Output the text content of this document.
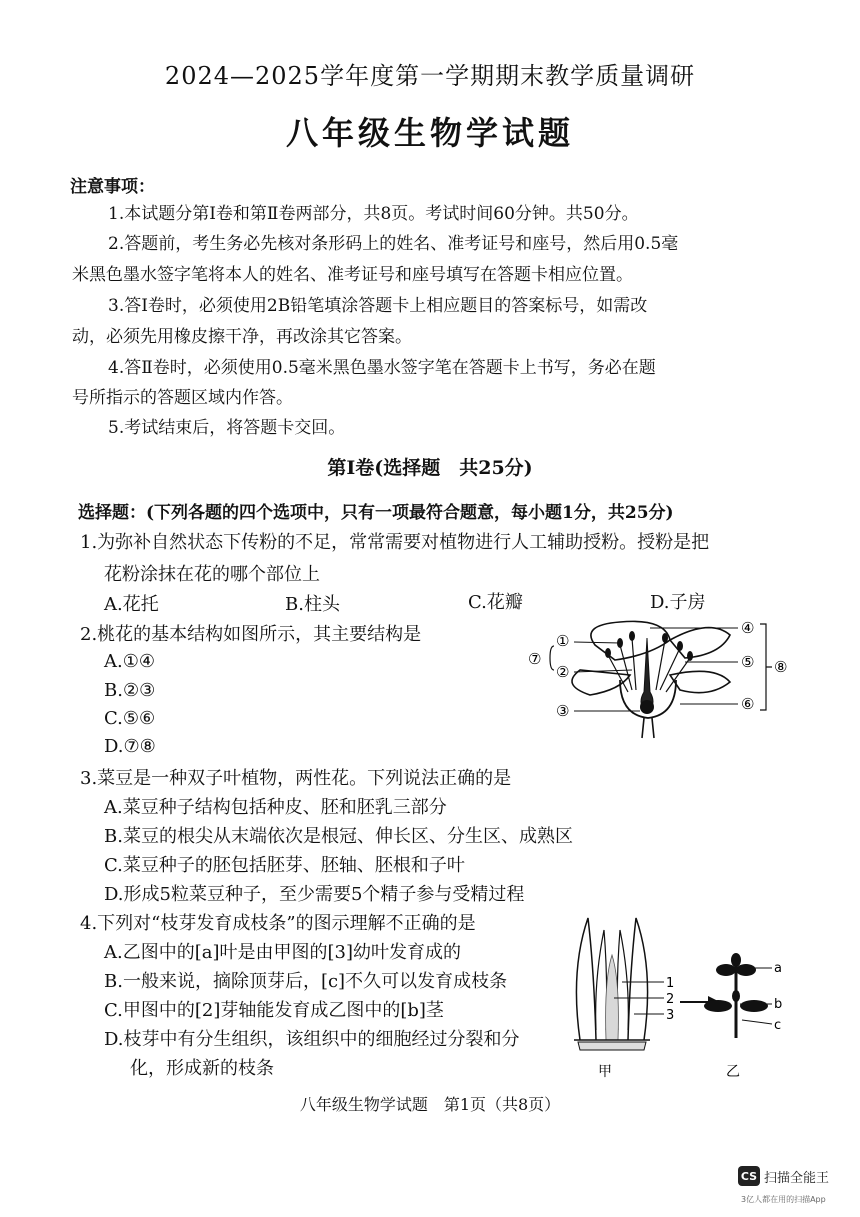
2024—2025学年度第一学期期末教学质量调研
八年级生物学试题
注意事项：
1.本试题分第Ⅰ卷和第Ⅱ卷两部分，共8页。考试时间60分钟。共50分。
2.答题前，考生务必先核对条形码上的姓名、准考证号和座号，然后用0.5毫
米黑色墨水签字笔将本人的姓名、准考证号和座号填写在答题卡相应位置。
3.答Ⅰ卷时，必须使用2B铅笔填涂答题卡上相应题目的答案标号，如需改
动，必须先用橡皮擦干净，再改涂其它答案。
4.答Ⅱ卷时，必须使用0.5毫米黑色墨水签字笔在答题卡上书写，务必在题
号所指示的答题区域内作答。
5.考试结束后，将答题卡交回。
第Ⅰ卷(选择题　共25分)
选择题：(下列各题的四个选项中，只有一项最符合题意，每小题1分，共25分)
1.为弥补自然状态下传粉的不足，常常需要对植物进行人工辅助授粉。授粉是把
花粉涂抹在花的哪个部位上
A.花托	B.柱头	C.花瓣	D.子房
2.桃花的基本结构如图所示，其主要结构是
A.①④
B.②③
C.⑤⑥
D.⑦⑧
①
②
③
④
⑤
⑥
⑦	⑧
3.菜豆是一种双子叶植物，两性花。下列说法正确的是
A.菜豆种子结构包括种皮、胚和胚乳三部分
B.菜豆的根尖从末端依次是根冠、伸长区、分生区、成熟区
C.菜豆种子的胚包括胚芽、胚轴、胚根和子叶
D.形成5粒菜豆种子，至少需要5个精子参与受精过程
4.下列对“枝芽发育成枝条”的图示理解不正确的是
A.乙图中的[a]叶是由甲图的[3]幼叶发育成的
B.一般来说，摘除顶芽后，[c]不久可以发育成枝条
C.甲图中的[2]芽轴能发育成乙图中的[b]茎
D.枝芽中有分生组织，该组织中的细胞经过分裂和分
化，形成新的枝条
1
2
3
a
b
c
甲	乙
八年级生物学试题　第1页（共8页）
CS 扫描全能王
3亿人都在用的扫描App
